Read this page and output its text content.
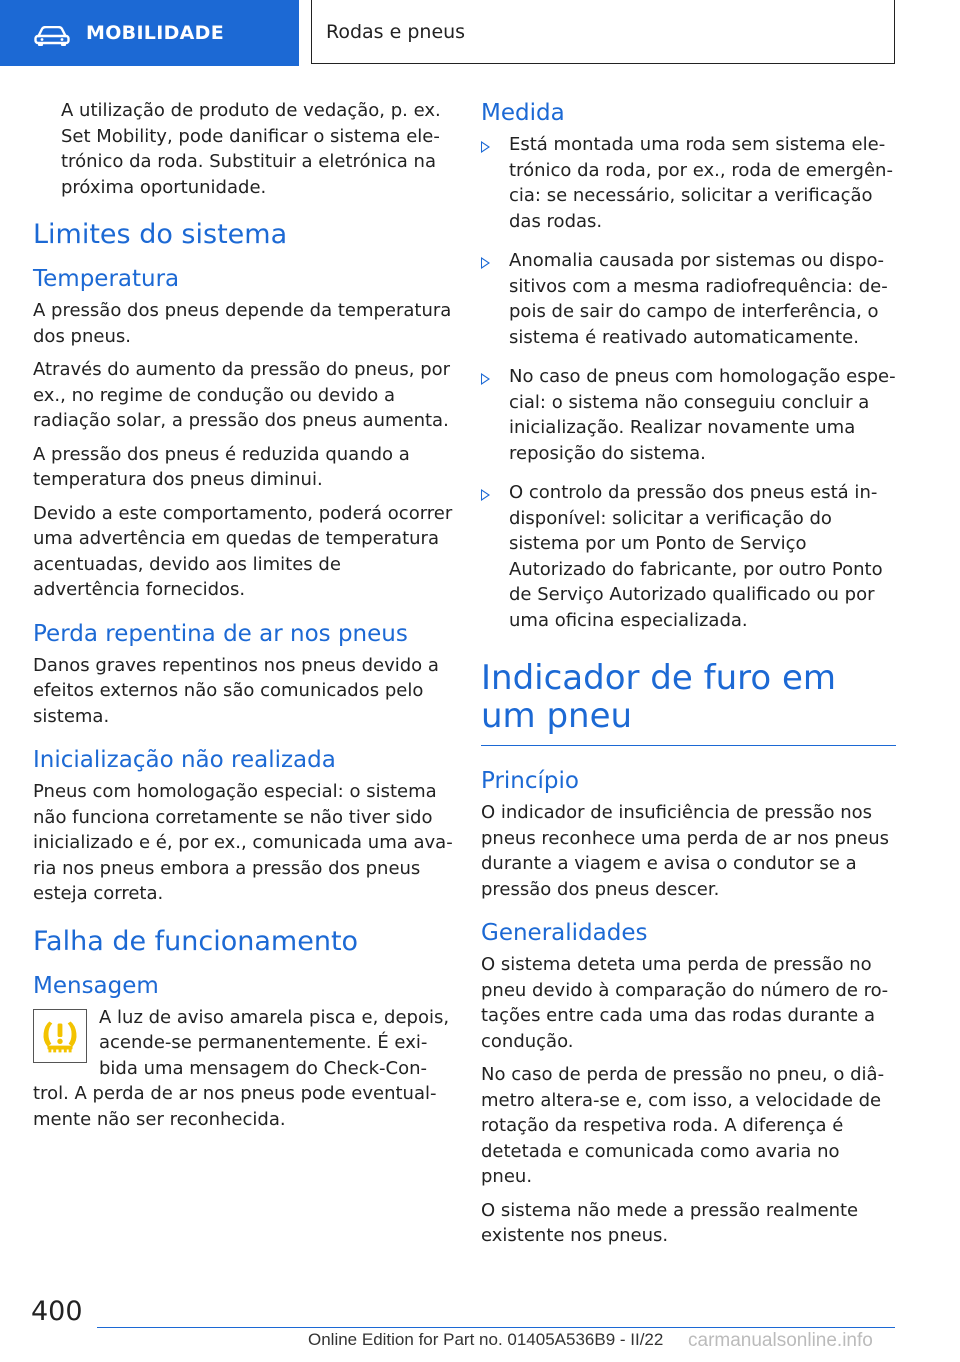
MOBILIDADE	Rodas e pneus

A utilização de produto de vedação, p. ex. Set Mobility, pode danificar o sistema eletrónico da roda. Substituir a eletrónica na próxima oportunidade.

Limites do sistema
Temperatura

A pressão dos pneus depende da temperatura dos pneus.

Através do aumento da pressão do pneus, por ex., no regime de condução ou devido a radiação solar, a pressão dos pneus aumenta.

A pressão dos pneus é reduzida quando a temperatura dos pneus diminui.

Devido a este comportamento, poderá ocorrer uma advertência em quedas de temperatura acentuadas, devido aos limites de advertência fornecidos.

Perda repentina de ar nos pneus

Danos graves repentinos nos pneus devido a efeitos externos não são comunicados pelo sistema.

Inicialização não realizada

Pneus com homologação especial: o sistema não funciona corretamente se não tiver sido inicializado e é, por ex., comunicada uma avaria nos pneus embora a pressão dos pneus esteja correta.

Falha de funcionamento
Mensagem

A luz de aviso amarela pisca e, depois, acende-se permanentemente. É exibida uma mensagem do Check-Control. A perda de ar nos pneus pode eventualmente não ser reconhecida.

Medida
Está montada uma roda sem sistema eletrónico da roda, por ex., roda de emergência: se necessário, solicitar a verificação das rodas.
Anomalia causada por sistemas ou dispositivos com a mesma radiofrequência: depois de sair do campo de interferência, o sistema é reativado automaticamente.
No caso de pneus com homologação especial: o sistema não conseguiu concluir a inicialização. Realizar novamente uma reposição do sistema.
O controlo da pressão dos pneus está indisponível: solicitar a verificação do sistema por um Ponto de Serviço Autorizado do fabricante, por outro Ponto de Serviço Autorizado qualificado ou por uma oficina especializada.
Indicador de furo em um pneu
Princípio

O indicador de insuficiência de pressão nos pneus reconhece uma perda de ar nos pneus durante a viagem e avisa o condutor se a pressão dos pneus descer.

Generalidades

O sistema deteta uma perda de pressão no pneu devido à comparação do número de rotações entre cada uma das rodas durante a condução.

No caso de perda de pressão no pneu, o diâmetro altera-se e, com isso, a velocidade de rotação da respetiva roda. A diferença é detetada e comunicada como avaria no pneu.

O sistema não mede a pressão realmente existente nos pneus.

400
Online Edition for Part no. 01405A536B9 - II/22 carmanualsonline.info
